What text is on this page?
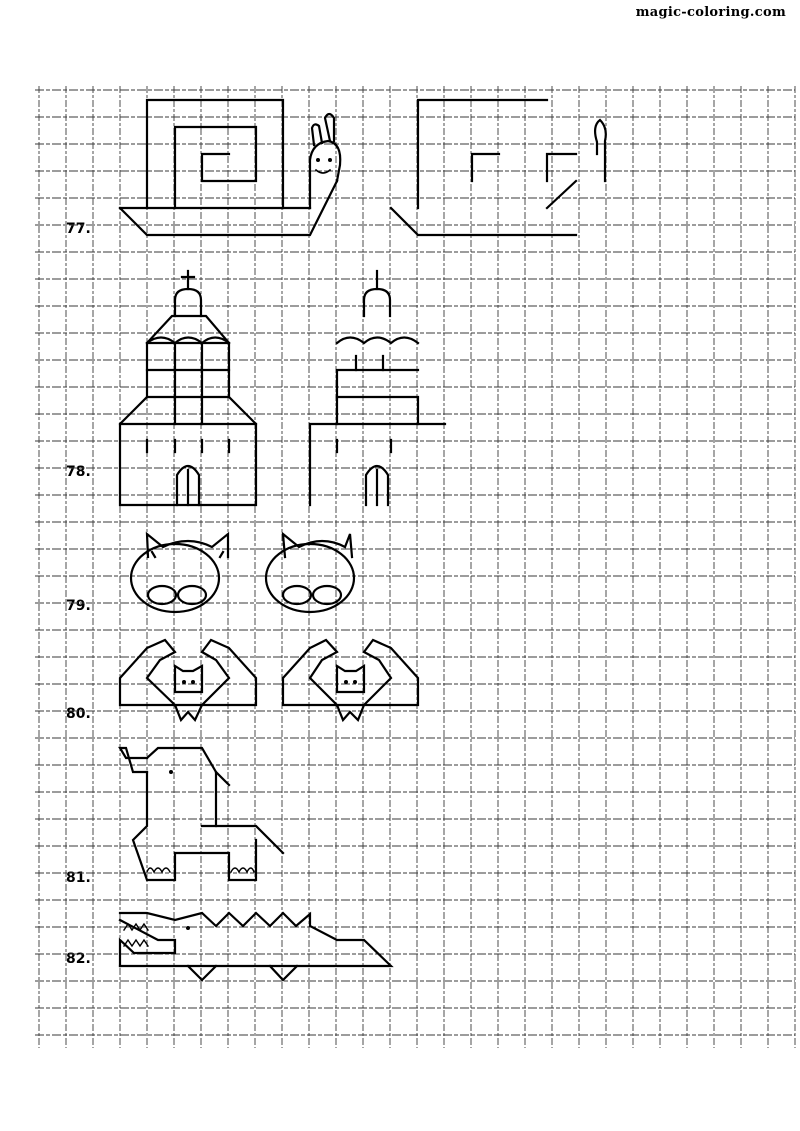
magic-coloring.com
77.
78.
79.
80.
81.
82.
